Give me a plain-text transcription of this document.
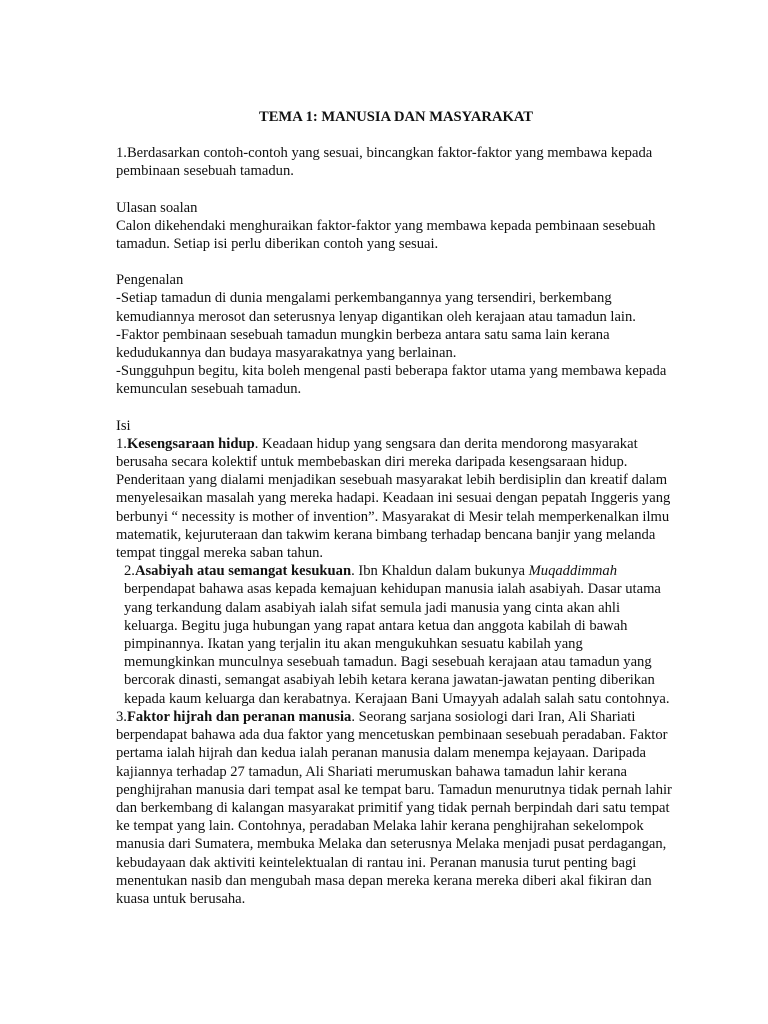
TEMA 1: MANUSIA DAN MASYARAKAT

1.Berdasarkan contoh-contoh yang sesuai, bincangkan faktor-faktor yang membawa kepada pembinaan sesebuah tamadun.

Ulasan soalan

Calon dikehendaki menghuraikan faktor-faktor yang membawa kepada pembinaan sesebuah tamadun. Setiap isi perlu diberikan contoh yang sesuai.

Pengenalan

-Setiap tamadun di dunia mengalami perkembangannya yang tersendiri, berkembang kemudiannya merosot dan seterusnya lenyap digantikan oleh kerajaan atau tamadun lain.

-Faktor pembinaan sesebuah tamadun mungkin berbeza antara satu sama lain kerana kedudukannya dan budaya masyarakatnya yang berlainan.

-Sungguhpun begitu, kita boleh mengenal pasti beberapa faktor utama yang membawa kepada kemunculan sesebuah tamadun.

Isi

1.Kesengsaraan hidup. Keadaan hidup yang sengsara dan derita mendorong masyarakat berusaha secara kolektif untuk membebaskan diri mereka daripada kesengsaraan hidup. Penderitaan yang dialami menjadikan sesebuah masyarakat lebih berdisiplin dan kreatif dalam menyelesaikan masalah yang mereka hadapi. Keadaan ini sesuai dengan pepatah Inggeris yang berbunyi “ necessity is mother of invention”. Masyarakat di Mesir telah memperkenalkan ilmu matematik, kejuruteraan dan takwim kerana bimbang terhadap bencana banjir yang melanda tempat tinggal mereka saban tahun.

2.Asabiyah atau semangat kesukuan. Ibn Khaldun dalam bukunya Muqaddimmah berpendapat bahawa asas kepada kemajuan kehidupan manusia ialah asabiyah. Dasar utama yang terkandung dalam asabiyah ialah sifat semula jadi manusia yang cinta akan ahli keluarga. Begitu juga hubungan yang rapat antara ketua dan anggota kabilah di bawah pimpinannya. Ikatan yang terjalin itu akan mengukuhkan sesuatu kabilah yang memungkinkan munculnya sesebuah tamadun. Bagi sesebuah kerajaan atau tamadun yang bercorak dinasti, semangat asabiyah lebih ketara kerana jawatan-jawatan penting diberikan kepada kaum keluarga dan kerabatnya. Kerajaan Bani Umayyah adalah salah satu contohnya.

3.Faktor hijrah dan peranan manusia. Seorang sarjana sosiologi dari Iran, Ali Shariati berpendapat bahawa ada dua faktor yang mencetuskan pembinaan sesebuah peradaban. Faktor pertama ialah hijrah dan kedua ialah peranan manusia dalam menempa kejayaan. Daripada kajiannya terhadap 27 tamadun, Ali Shariati merumuskan bahawa tamadun lahir kerana penghijrahan manusia dari tempat asal ke tempat baru. Tamadun menurutnya tidak pernah lahir dan berkembang di kalangan masyarakat primitif yang tidak pernah berpindah dari satu tempat ke tempat yang lain. Contohnya, peradaban Melaka lahir kerana penghijrahan sekelompok manusia dari Sumatera, membuka Melaka dan seterusnya Melaka menjadi pusat perdagangan, kebudayaan dak aktiviti keintelektualan di rantau ini. Peranan manusia turut penting bagi menentukan nasib dan mengubah masa depan mereka kerana mereka diberi akal fikiran dan kuasa untuk berusaha.
